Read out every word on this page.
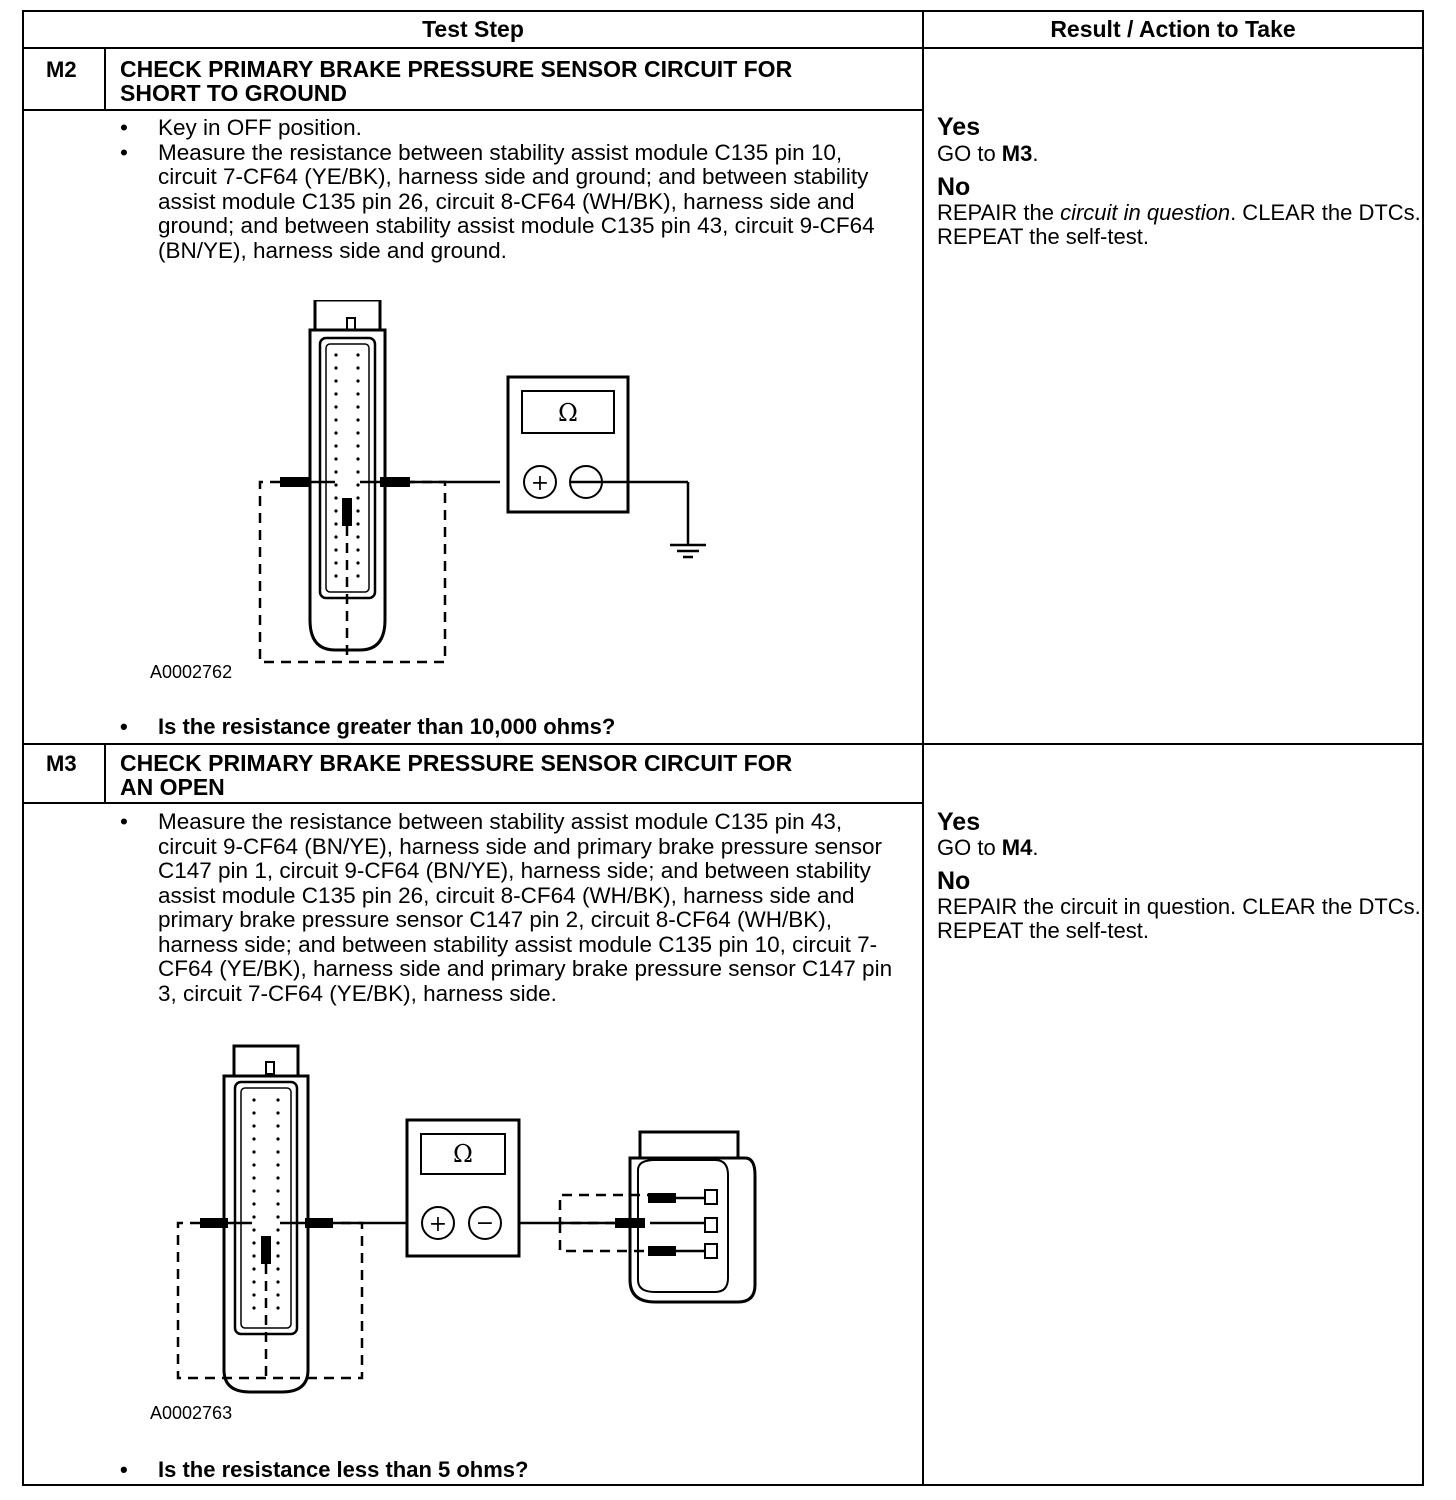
Test Step	Result / Action to Take
M2 CHECK PRIMARY BRAKE PRESSURE SENSOR CIRCUIT FOR
SHORT TO GROUND
• Key in OFF position.
• Measure the resistance between stability assist module C135 pin 10, circuit 7-CF64 (YE/BK), harness side and ground; and between stability assist module C135 pin 26, circuit 8-CF64 (WH/BK), harness side and ground; and between stability assist module C135 pin 43, circuit 9-CF64 (BN/YE), harness side and ground.
Ω
+ −
A0002762
• Is the resistance greater than 10,000 ohms?
Yes
GO to M3.
No
REPAIR the circuit in question. CLEAR the DTCs. REPEAT the self-test.
M3 CHECK PRIMARY BRAKE PRESSURE SENSOR CIRCUIT FOR
AN OPEN
• Measure the resistance between stability assist module C135 pin 43, circuit 9-CF64 (BN/YE), harness side and primary brake pressure sensor C147 pin 1, circuit 9-CF64 (BN/YE), harness side; and between stability assist module C135 pin 26, circuit 8-CF64 (WH/BK), harness side and primary brake pressure sensor C147 pin 2, circuit 8-CF64 (WH/BK), harness side; and between stability assist module C135 pin 10, circuit 7-CF64 (YE/BK), harness side and primary brake pressure sensor C147 pin 3, circuit 7-CF64 (YE/BK), harness side.
Ω
+ −
A0002763
• Is the resistance less than 5 ohms?
Yes
GO to M4.
No
REPAIR the circuit in question. CLEAR the DTCs. REPEAT the self-test.
